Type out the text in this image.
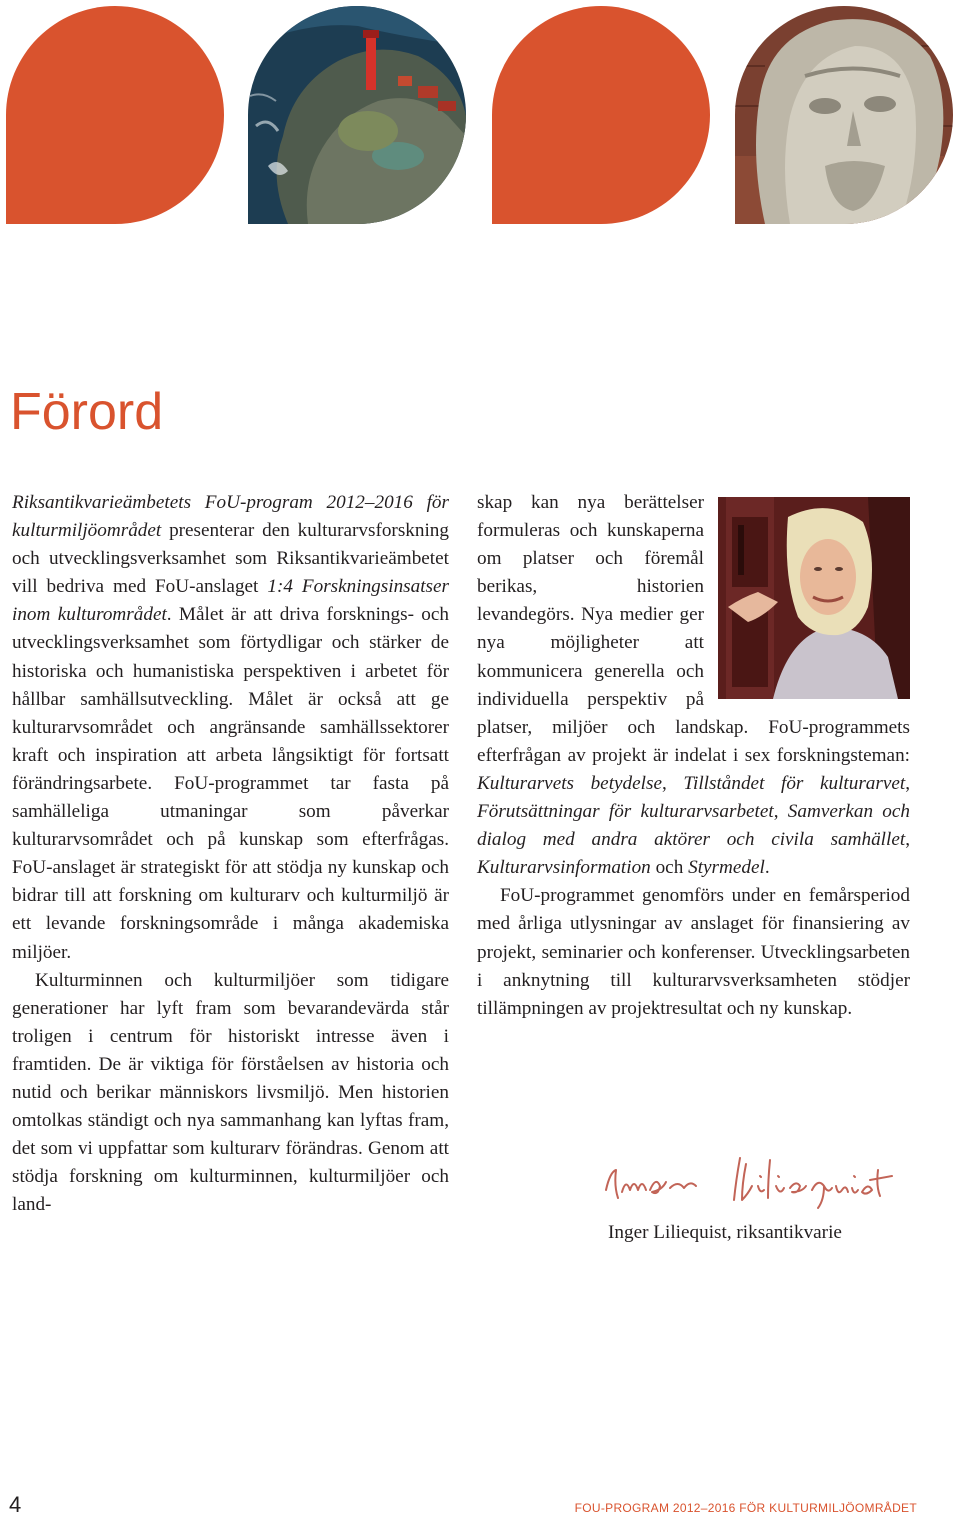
Förord

Riksantikvarieämbetets FoU-program 2012–2016 för kulturmiljöområdet presenterar den kulturarvsforskning och utvecklingsverksamhet som Riksantikvarieämbetet vill bedriva med FoU-anslaget 1:4 Forskningsinsatser inom kulturområdet. Målet är att driva forsknings- och utvecklingsverksamhet som förtydligar och stärker de historiska och humanistiska perspektiven i arbetet för hållbar samhällsutveckling. Målet är också att ge kulturarvsområdet och angränsande samhällssektorer kraft och inspiration att arbeta långsiktigt för fortsatt förändringsarbete. FoU-programmet tar fasta på samhälleliga utmaningar som påverkar kulturarvsområdet och på kunskap som efterfrågas. FoU-anslaget är strategiskt för att stödja ny kunskap och bidrar till att forskning om kulturarv och kulturmiljö är ett levande forskningsområde i många akademiska miljöer.

Kulturminnen och kulturmiljöer som tidigare generationer har lyft fram som bevarandevärda står troligen i centrum för historiskt intresse även i framtiden. De är viktiga för förståelsen av historia och nutid och berikar människors livsmiljö. Men historien omtolkas ständigt och nya sammanhang kan lyftas fram, det som vi uppfattar som kulturarv förändras. Genom att stödja forskning om kulturminnen, kulturmiljöer och land-

skap kan nya berättelser formuleras och kunskaperna om platser och föremål berikas, historien levandegörs. Nya medier ger nya möjligheter att kommunicera generella och individuella perspektiv på platser, miljöer och landskap. FoU-programmets efterfrågan av projekt är indelat i sex forskningsteman: Kulturarvets betydelse, Tillståndet för kulturarvet, Förutsättningar för kulturarvsarbetet, Samverkan och dialog med andra aktörer och civila samhället, Kulturarvsinformation och Styrmedel.

FoU-programmet genomförs under en femårsperiod med årliga utlysningar av anslaget för finansiering av projekt, seminarier och konferenser. Utvecklingsarbeten i anknytning till kulturarvsverksamheten stödjer tillämpningen av projektresultat och ny kunskap.

Inger Liliequist, riksantikvarie
4	FOU-PROGRAM 2012–2016 FÖR KULTURMILJÖOMRÅDET
